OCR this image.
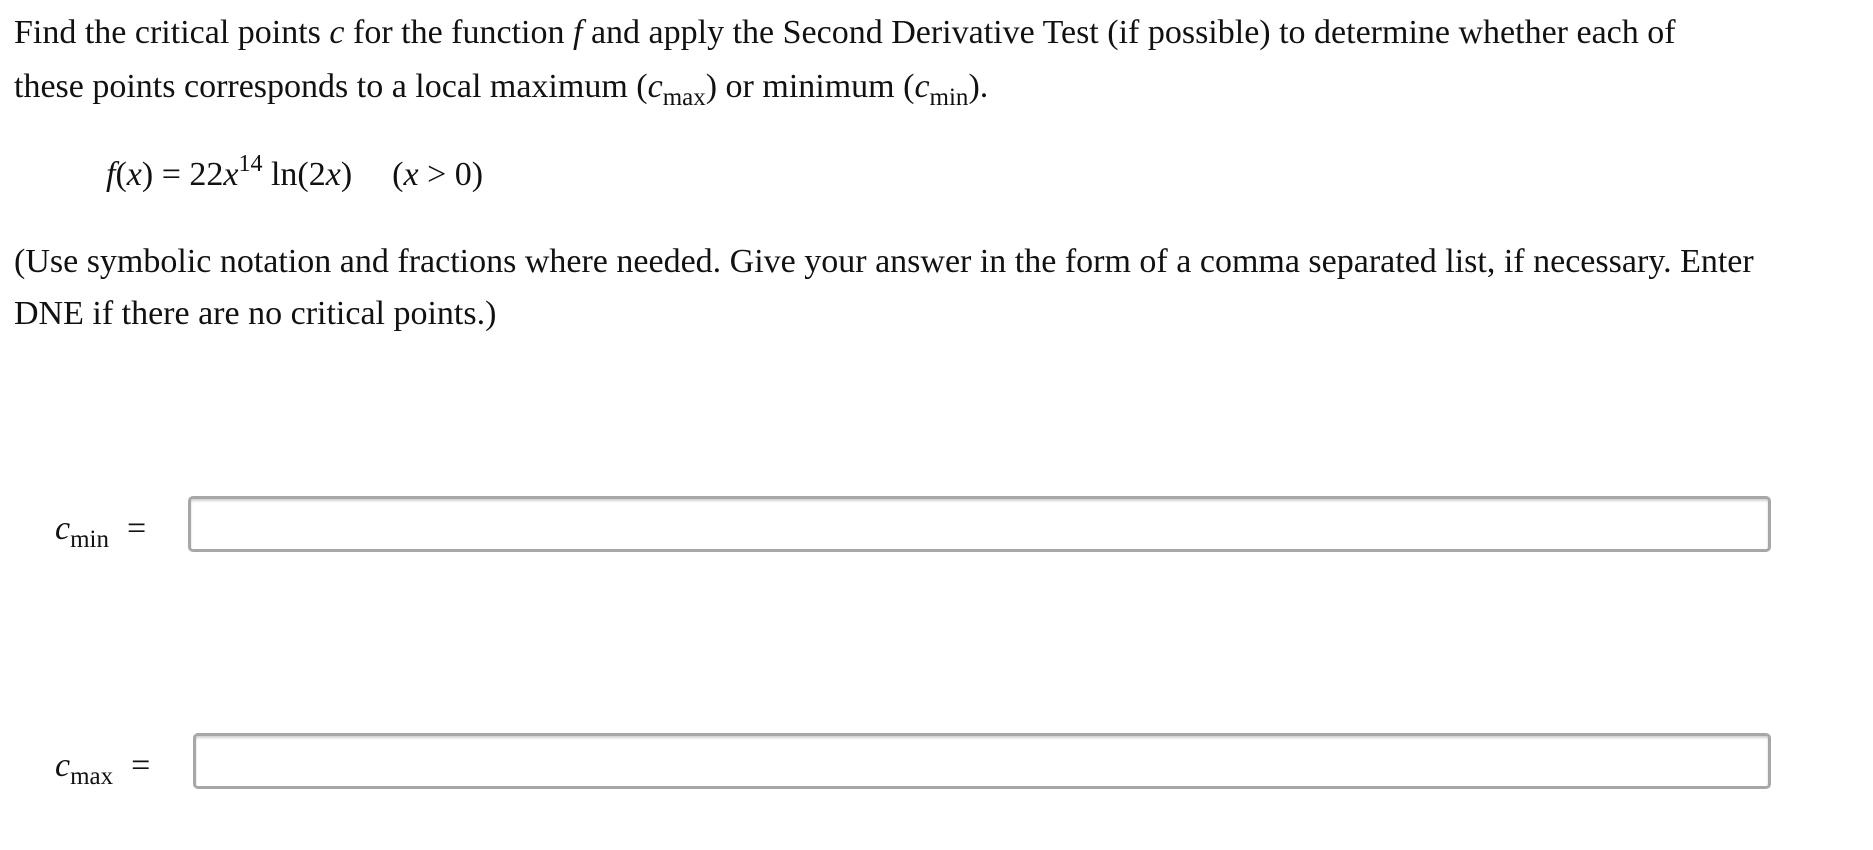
Find the critical points c for the function f and apply the Second Derivative Test (if possible) to determine whether each of
these points corresponds to a local maximum $(c_{max})$ or minimum $(c_{min})$.
$f(x) = 22x^{14}$ ln(2x) (x > 0)
(Use symbolic notation and fractions where needed. Give your answer in the form of a comma separated list, if necessary. Enter
DNE if there are no critical points.)
$c_{min}$ =
$c_{max}$ =
